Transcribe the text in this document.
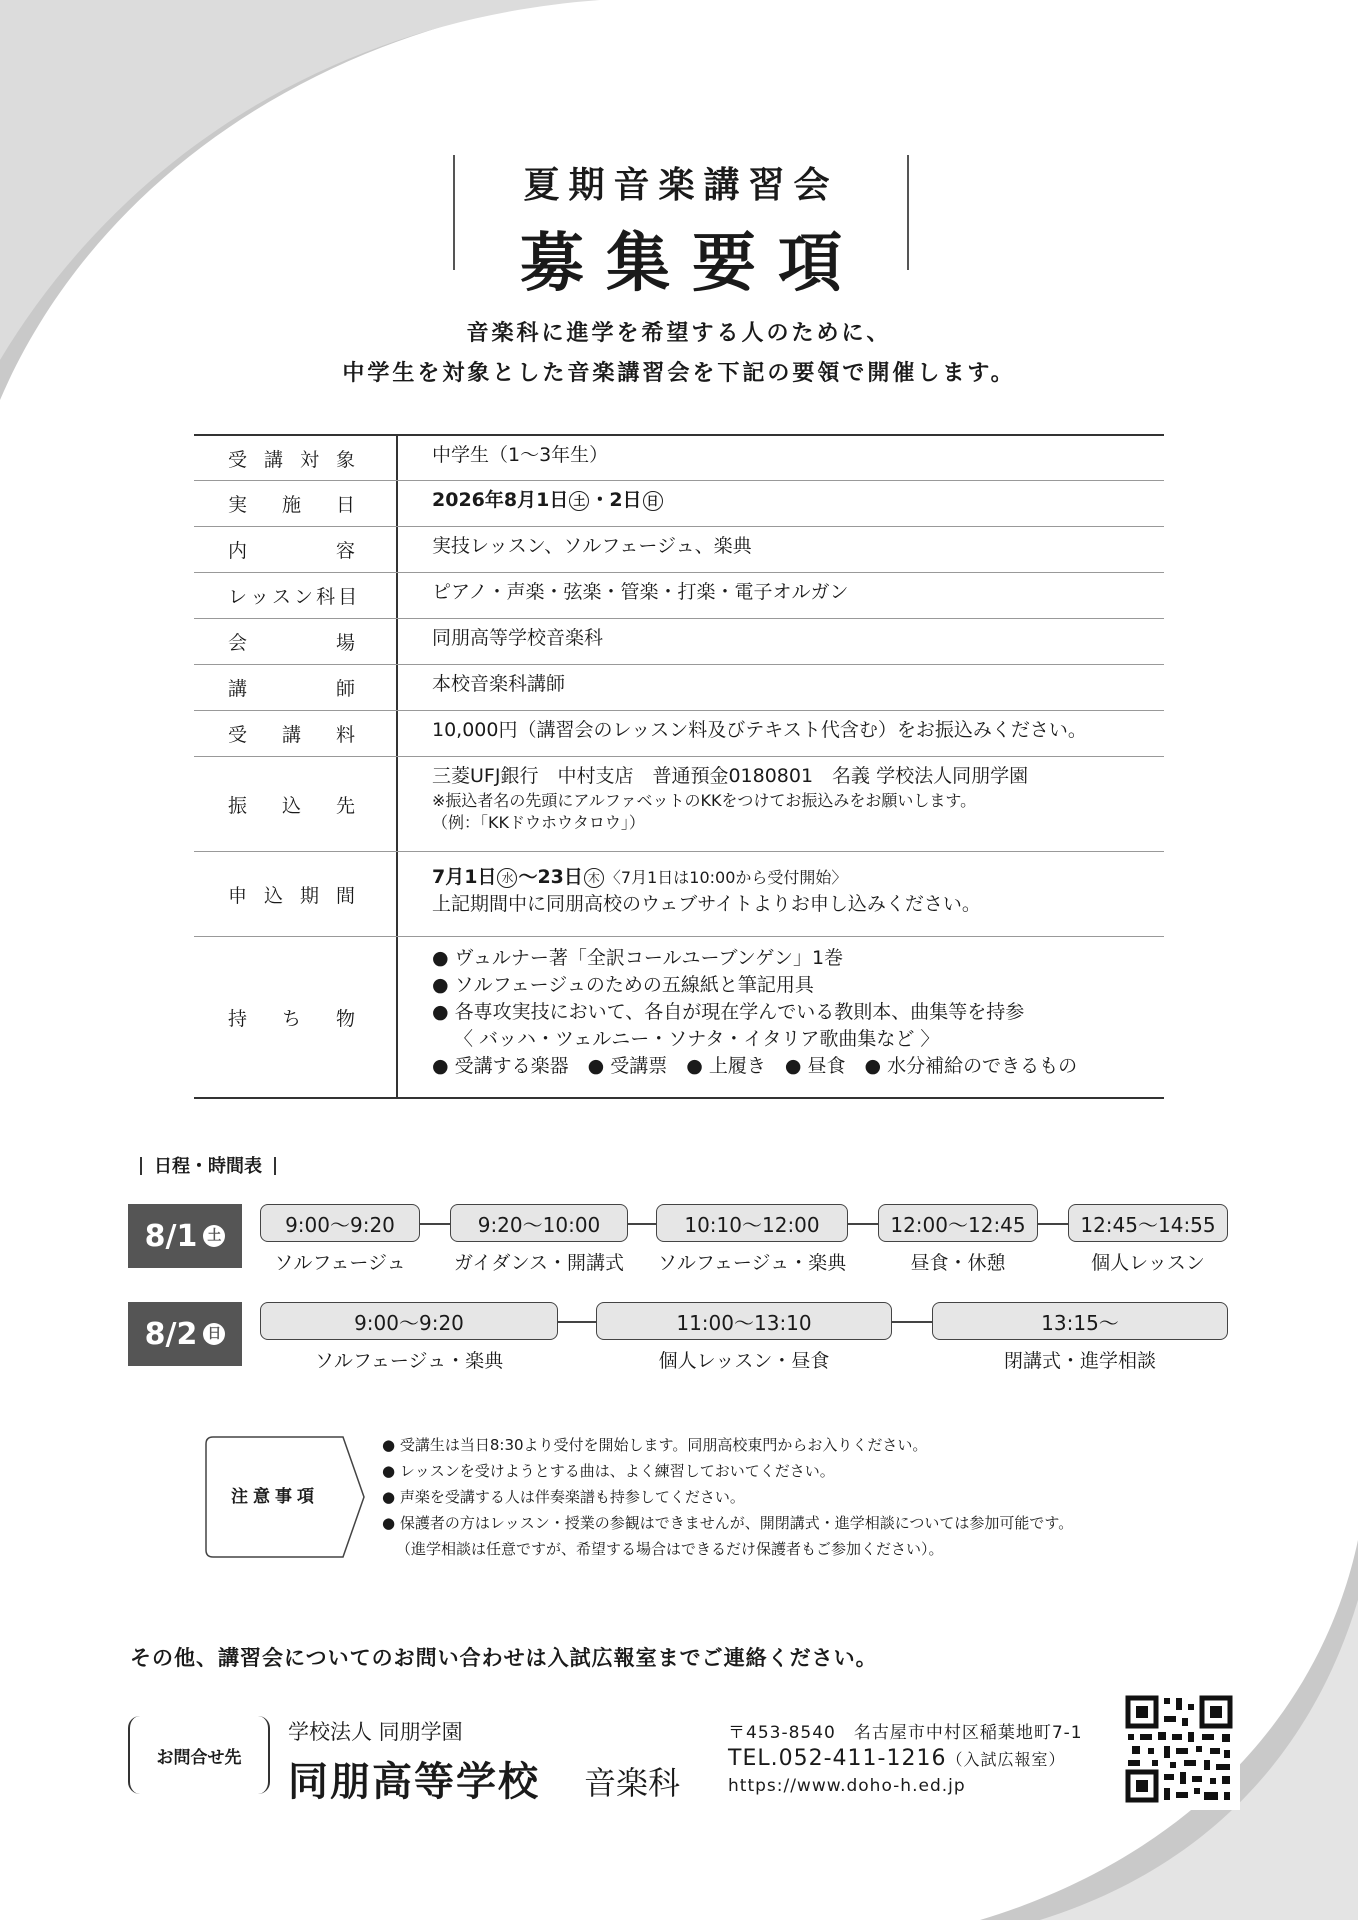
夏期音楽講習会
募集要項
音楽科に進学を希望する人のために、
中学生を対象とした音楽講習会を下記の要領で開催します。
受 講 対 象	中学生（1〜3年生）
実 施 日	2026年8月1日 土 ・2日 日
内	容	実技レッスン、ソルフェージュ、楽典
レ ッ ス ン 科 目	ピアノ・声楽・弦楽・管楽・打楽・電子オルガン
会	場	同朋高等学校音楽科
講	師	本校音楽科講師
受 講 料	10,000円（講習会のレッスン料及びテキスト代含む）をお振込みください。
振 込 先
三菱UFJ銀行　中村支店　普通預金0180801　名義 学校法人同朋学園
※振込者名の先頭にアルファベットのKKをつけてお振込みをお願いします。
（例：「KKドウホウタロウ」）
申 込 期 間
7月1日 水 〜23日 木 〈7月1日は10:00から受付開始〉
上記期間中に同朋高校のウェブサイトよりお申し込みください。
持 ち 物
● ヴュルナー著「全訳コールユーブンゲン」1巻
● ソルフェージュのための五線紙と筆記用具
● 各専攻実技において、各自が現在学んでいる教則本、曲集等を持参
〈 バッハ・ツェルニー・ソナタ・イタリア歌曲集など 〉
● 受講する楽器　● 受講票　● 上履き　● 昼食　● 水分補給のできるもの
日程・時間表
8/1 土	9:00〜9:20	9:20〜10:00	10:10〜12:00	12:00〜12:45	12:45〜14:55
ソルフェージュ	ガイダンス・開講式	ソルフェージュ・楽典	昼食・休憩	個人レッスン
8/2 日	9:00〜9:20	11:00〜13:10	13:15〜
ソルフェージュ・楽典	個人レッスン・昼食	閉講式・進学相談
注意事項
● 受講生は当日8:30より受付を開始します。同朋高校東門からお入りください。
● レッスンを受けようとする曲は、よく練習しておいてください。
● 声楽を受講する人は伴奏楽譜も持参してください。
● 保護者の方はレッスン・授業の参観はできませんが、開閉講式・進学相談については参加可能です。
（進学相談は任意ですが、希望する場合はできるだけ保護者もご参加ください）。
その他、講習会についてのお問い合わせは入試広報室までご連絡ください。
お問合せ先
学校法人 同朋学園
同朋高等学校 音楽科
〒453-8540　名古屋市中村区稲葉地町7-1
TEL.052-411-1216（入試広報室）
https://www.doho-h.ed.jp
